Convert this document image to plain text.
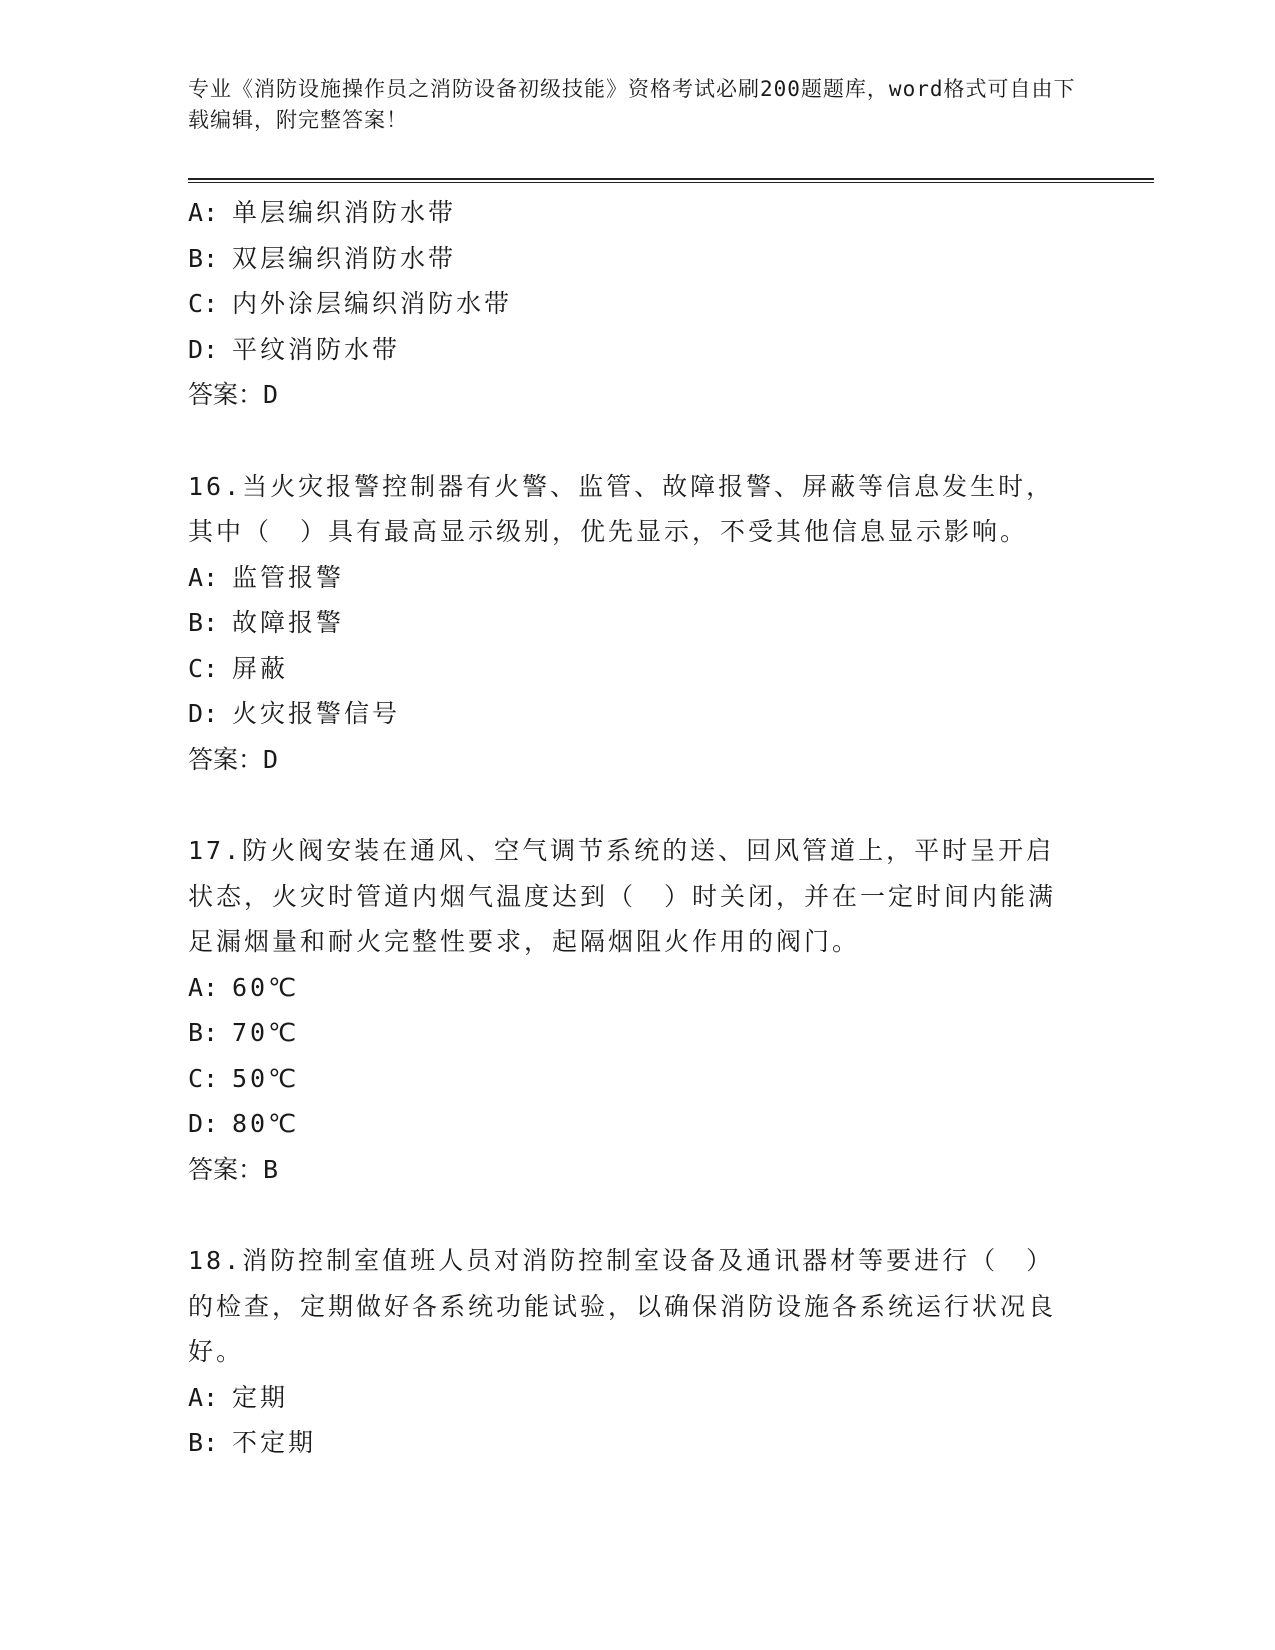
专业《消防设施操作员之消防设备初级技能》资格考试必刷200题题库，word格式可自由下载编辑，附完整答案！
A: 单层编织消防水带
B: 双层编织消防水带
C: 内外涂层编织消防水带
D: 平纹消防水带
答案：D
16.当火灾报警控制器有火警、监管、故障报警、屏蔽等信息发生时，其中（　）具有最高显示级别，优先显示，不受其他信息显示影响。
A: 监管报警
B: 故障报警
C: 屏蔽
D: 火灾报警信号
答案：D
17.防火阀安装在通风、空气调节系统的送、回风管道上，平时呈开启状态，火灾时管道内烟气温度达到（　）时关闭，并在一定时间内能满足漏烟量和耐火完整性要求，起隔烟阻火作用的阀门。
A: 60℃
B: 70℃
C: 50℃
D: 80℃
答案：B
18.消防控制室值班人员对消防控制室设备及通讯器材等要进行（　）的检查，定期做好各系统功能试验，以确保消防设施各系统运行状况良好。
A: 定期
B: 不定期
